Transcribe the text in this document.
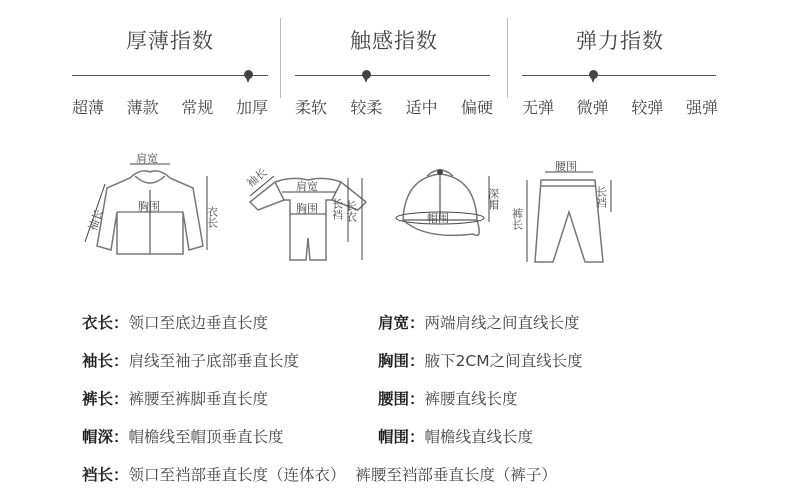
厚薄指数
超薄 薄款 常规 加厚
触感指数
柔软 较柔 适中 偏硬
弹力指数
无弹 微弹 较弹 强弹
肩宽
胸围	衣长
袖长
袖长 肩宽
胸围 长裆 长衣	帽围
深帽
腰围
裤长
长裆
衣长：领口至底边垂直长度
袖长：肩线至袖子底部垂直长度
裤长：裤腰至裤脚垂直长度
帽深：帽檐线至帽顶垂直长度
肩宽：两端肩线之间直线长度
胸围：腋下2CM之间直线长度
腰围：裤腰直线长度
帽围：帽檐线直线长度
裆长：领口至裆部垂直长度（连体衣）  裤腰至裆部垂直长度（裤子）
